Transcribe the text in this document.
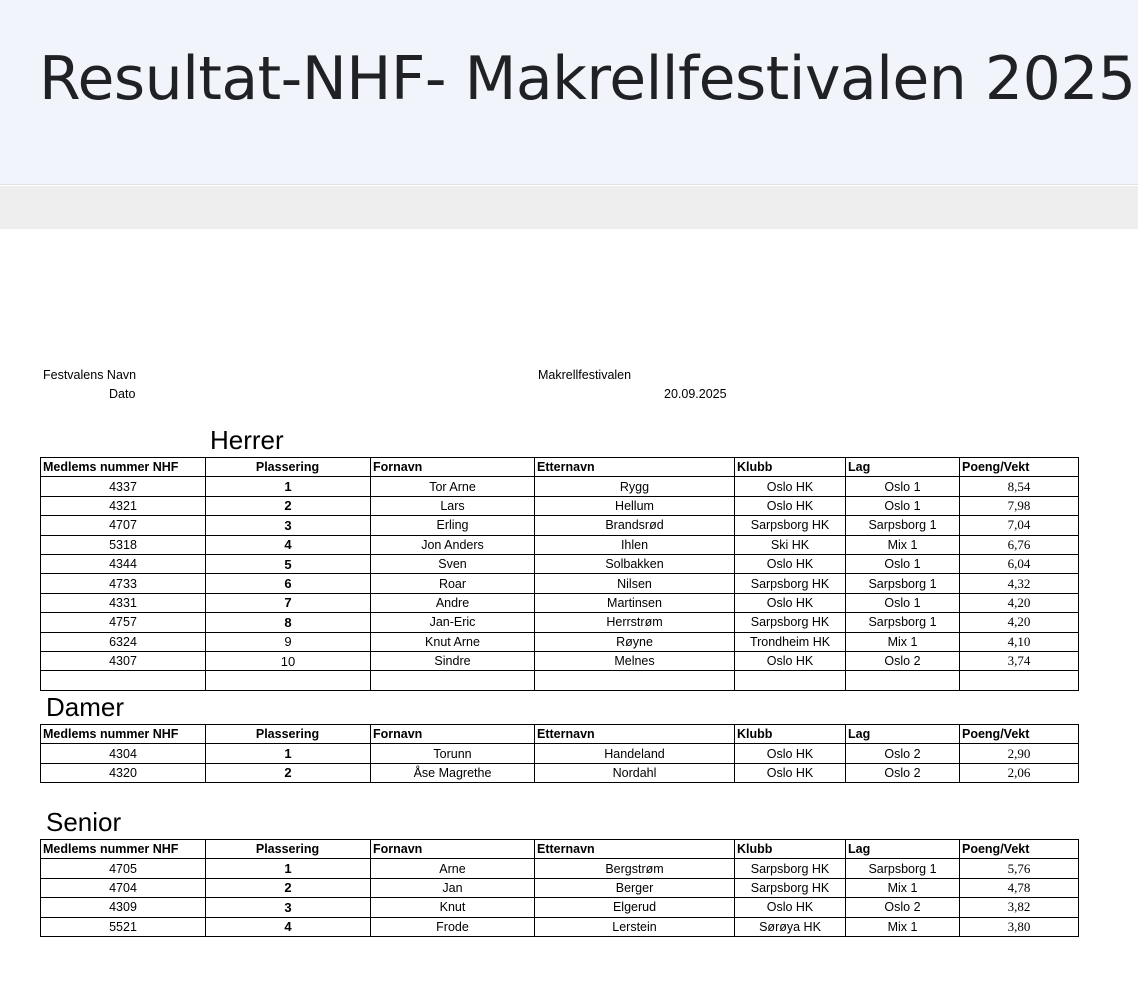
Resultat-NHF- Makrellfestivalen 2025
Festvalens Navn	Makrellfestivalen
Dato	20.09.2025
Herrer
Medlems nummer NHF	Plassering	Fornavn	Etternavn	Klubb	Lag	Poeng/Vekt
4337	1	Tor Arne	Rygg	Oslo HK	Oslo 1	8,54
4321	2	Lars	Hellum	Oslo HK	Oslo 1	7,98
4707	3	Erling	Brandsrød	Sarpsborg HK	Sarpsborg 1	7,04
5318	4	Jon Anders	Ihlen	Ski HK	Mix 1	6,76
4344	5	Sven	Solbakken	Oslo HK	Oslo 1	6,04
4733	6	Roar	Nilsen	Sarpsborg HK	Sarpsborg 1	4,32
4331	7	Andre	Martinsen	Oslo HK	Oslo 1	4,20
4757	8	Jan-Eric	Herrstrøm	Sarpsborg HK	Sarpsborg 1	4,20
6324	9	Knut Arne	Røyne	Trondheim HK	Mix 1	4,10
4307	10	Sindre	Melnes	Oslo HK	Oslo 2	3,74

Damer
Medlems nummer NHF	Plassering	Fornavn	Etternavn	Klubb	Lag	Poeng/Vekt
4304	1	Torunn	Handeland	Oslo HK	Oslo 2	2,90
4320	2	Åse Magrethe	Nordahl	Oslo HK	Oslo 2	2,06
Senior
Medlems nummer NHF	Plassering	Fornavn	Etternavn	Klubb	Lag	Poeng/Vekt
4705	1	Arne	Bergstrøm	Sarpsborg HK	Sarpsborg 1	5,76
4704	2	Jan	Berger	Sarpsborg HK	Mix 1	4,78
4309	3	Knut	Elgerud	Oslo HK	Oslo 2	3,82
5521	4	Frode	Lerstein	Sørøya HK	Mix 1	3,80
